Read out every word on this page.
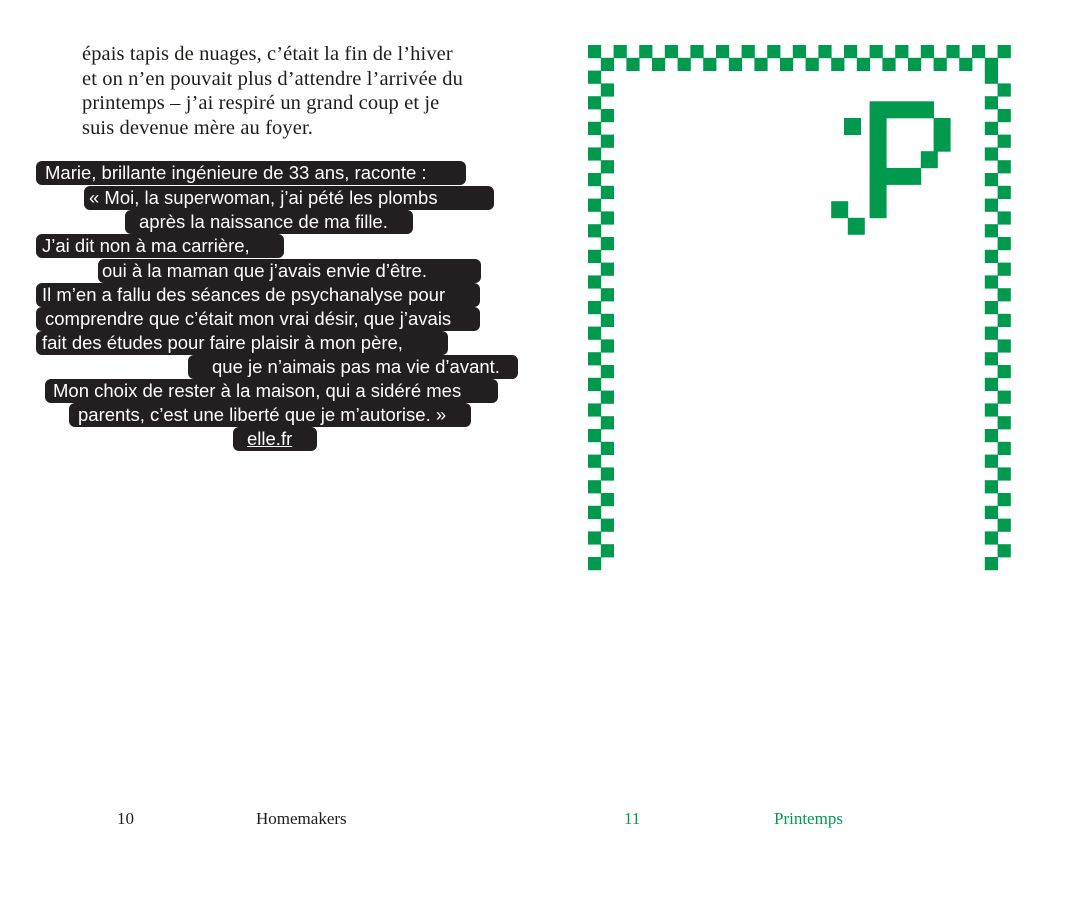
épais tapis de nuages, c’était la fin de l’hiver
et on n’en pouvait plus d’attendre l’arrivée du
printemps – j’ai respiré un grand coup et je
suis devenue mère au foyer.
Marie, brillante ingénieure de 33 ans, raconte :
« Moi, la superwoman, j’ai pété les plombs
après la naissance de ma fille.
J’ai dit non à ma carrière,
oui à la maman que j’avais envie d’être.
Il m’en a fallu des séances de psychanalyse pour
comprendre que c’était mon vrai désir, que j’avais
fait des études pour faire plaisir à mon père,
que je n’aimais pas ma vie d’avant.
Mon choix de rester à la maison, qui a sidéré mes
parents, c’est une liberté que je m’autorise. »
elle.fr
10	Homemakers	11	Printemps
